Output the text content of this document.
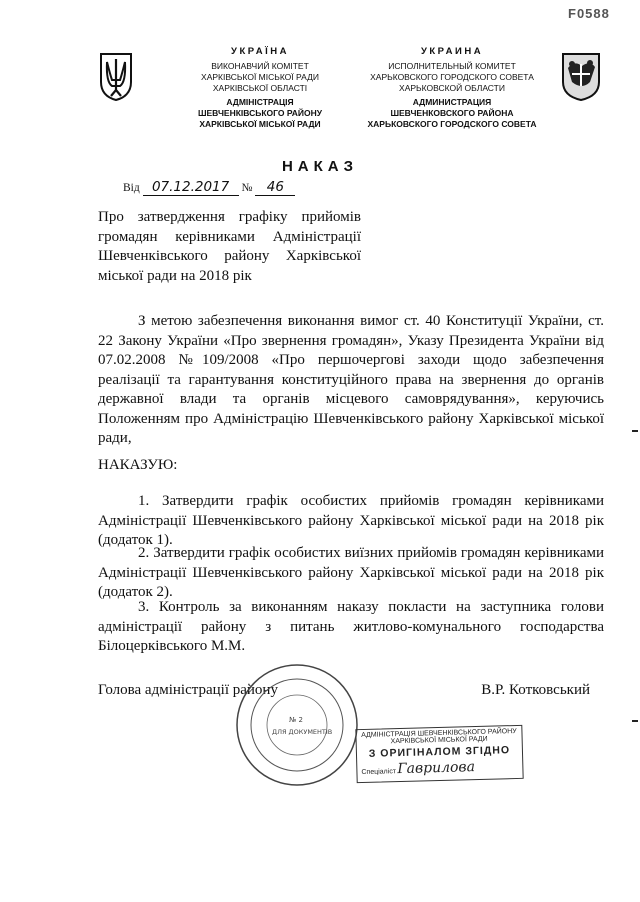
F0588
УКРАЇНА
ВИКОНАВЧИЙ КОМІТЕТ
ХАРКІВСЬКОЇ МІСЬКОЇ РАДИ
ХАРКІВСЬКОЇ ОБЛАСТІ
АДМІНІСТРАЦІЯ
ШЕВЧЕНКІВСЬКОГО РАЙОНУ
ХАРКІВСЬКОЇ МІСЬКОЇ РАДИ
УКРАИНА
ИСПОЛНИТЕЛЬНЫЙ КОМИТЕТ
ХАРЬКОВСКОГО ГОРОДСКОГО СОВЕТА
ХАРЬКОВСКОЙ ОБЛАСТИ
АДМИНИСТРАЦИЯ
ШЕВЧЕНКОВСКОГО РАЙОНА
ХАРЬКОВСКОГО ГОРОДСКОГО СОВЕТА
НАКАЗ
Від 07.12.2017 № 46
Про затвердження графіку прийомів громадян керівниками Адміністрації Шевченківського району Харківської міської ради на 2018 рік
З метою забезпечення виконання вимог ст. 40 Конституції України, ст. 22 Закону України «Про звернення громадян», Указу Президента України від 07.02.2008 №109/2008 «Про першочергові заходи щодо забезпечення реалізації та гарантування конституційного права на звернення до органів державної влади та органів місцевого самоврядування», керуючись Положенням про Адміністрацію Шевченківського району Харківської міської ради,
НАКАЗУЮ:
1. Затвердити графік особистих прийомів громадян керівниками Адміністрації Шевченківського району Харківської міської ради на 2018 рік (додаток 1).
2. Затвердити графік особистих виїзних прийомів громадян керівниками Адміністрації Шевченківського району Харківської міської ради на 2018 рік (додаток 2).
3. Контроль за виконанням наказу покласти на заступника голови адміністрації району з питань житлово-комунального господарства Білоцерківського М.М.
Голова адміністрації району	В.Р. Котковський
№ 2
ДЛЯ ДОКУМЕНТІВ	АДМІНІСТРАЦІЯ ШЕВЧЕНКІВСЬКОГО РАЙОНУ ХАРКІВСЬКОЇ МІСЬКОЇ РАДИ
З ОРИГІНАЛОМ ЗГІДНО
Спеціаліст Гаврилова
